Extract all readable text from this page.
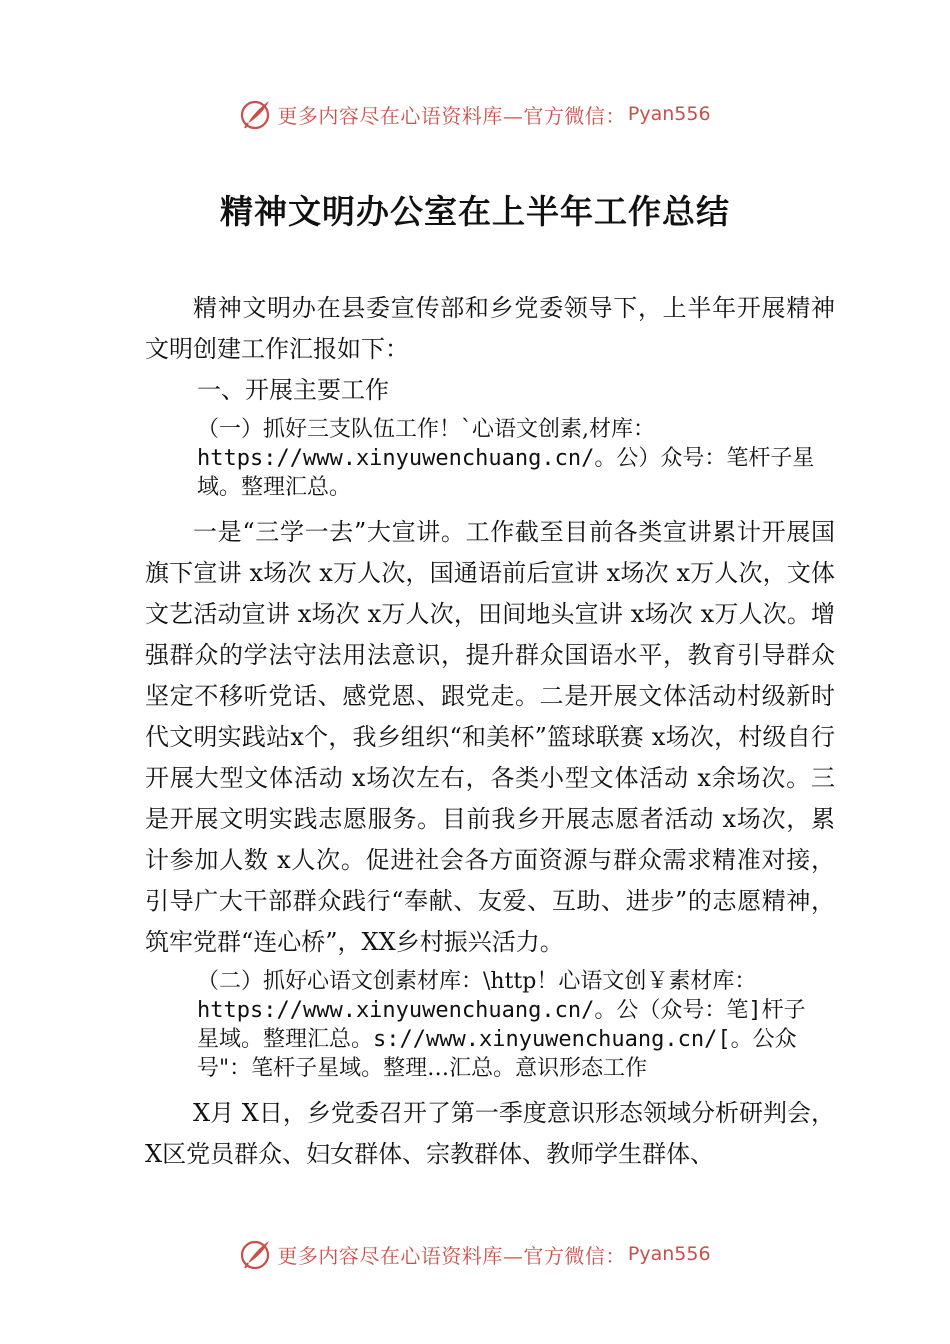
更多内容尽在心语资料库—官方微信： Pyan556
精神文明办公室在上半年工作总结

精神文明办在县委宣传部和乡党委领导下，上半年开展精神文明创建工作汇报如下：

一、开展主要工作

（一）抓好三支队伍工作！`心语文创素,材库：
https://www.xinyuwenchuang.cn/。公）众号：笔杆子星
域。整理汇总。

一是“三学一去”大宣讲。工作截至目前各类宣讲累计开展国旗下宣讲 x场次 x万人次，国通语前后宣讲 x场次 x万人次，文体文艺活动宣讲 x场次 x万人次，田间地头宣讲 x场次 x万人次。增强群众的学法守法用法意识，提升群众国语水平，教育引导群众坚定不移听党话、感党恩、跟党走。二是开展文体活动村级新时代文明实践站x个，我乡组织“和美杯”篮球联赛 x场次，村级自行开展大型文体活动 x场次左右，各类小型文体活动 x余场次。三是开展文明实践志愿服务。目前我乡开展志愿者活动 x场次，累计参加人数 x人次。促进社会各方面资源与群众需求精准对接，引导广大干部群众践行“奉献、友爱、互助、进步”的志愿精神，筑牢党群“连心桥”，XX乡村振兴活力。

（二）抓好心语文创素材库：\http！心语文创￥素材库：
https://www.xinyuwenchuang.cn/。公（众号：笔]杆子
星域。整理汇总。s://www.xinyuwenchuang.cn/[。公众
号"：笔杆子星域。整理…汇总。意识形态工作

X月 X日，乡党委召开了第一季度意识形态领域分析研判会，X区党员群众、妇女群体、宗教群体、教师学生群体、

更多内容尽在心语资料库—官方微信： Pyan556
